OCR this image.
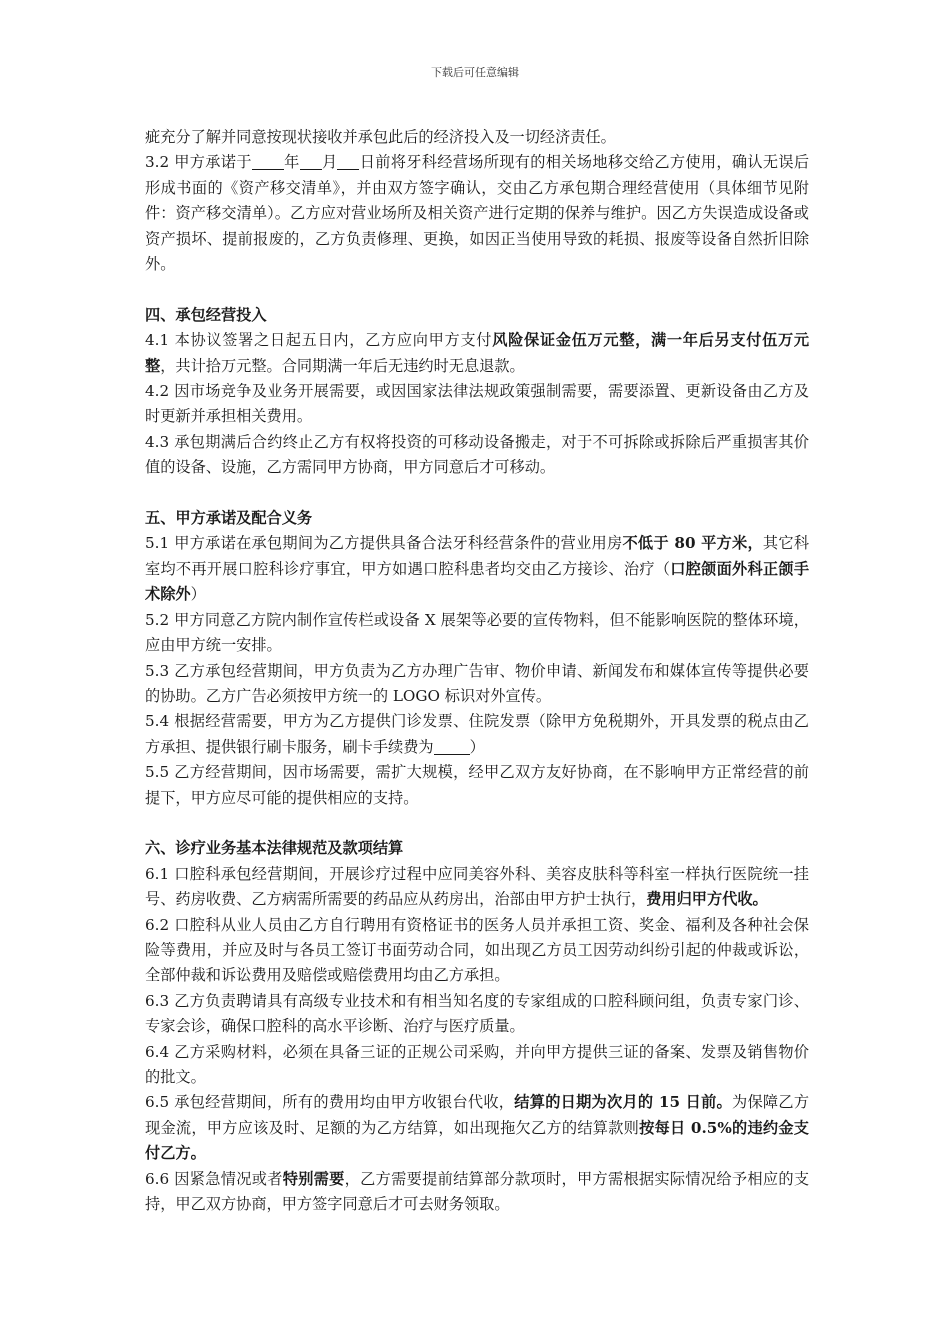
下载后可任意编辑

疵充分了解并同意按现状接收并承包此后的经济投入及一切经济责任。

3.2 甲方承诺于 年 月 日前将牙科经营场所现有的相关场地移交给乙方使用，确认无误后形成书面的《资产移交清单》，并由双方签字确认，交由乙方承包期合理经营使用（具体细节见附件：资产移交清单）。乙方应对营业场所及相关资产进行定期的保养与维护。因乙方失误造成设备或资产损坏、提前报废的，乙方负责修理、更换，如因正当使用导致的耗损、报废等设备自然折旧除外。

四、承包经营投入

4.1 本协议签署之日起五日内，乙方应向甲方支付风险保证金伍万元整，满一年后另支付伍万元整，共计拾万元整。合同期满一年后无违约时无息退款。

4.2 因市场竞争及业务开展需要，或因国家法律法规政策强制需要，需要添置、更新设备由乙方及时更新并承担相关费用。

4.3 承包期满后合约终止乙方有权将投资的可移动设备搬走，对于不可拆除或拆除后严重损害其价值的设备、设施，乙方需同甲方协商，甲方同意后才可移动。

五、甲方承诺及配合义务

5.1 甲方承诺在承包期间为乙方提供具备合法牙科经营条件的营业用房不低于 80 平方米，其它科室均不再开展口腔科诊疗事宜，甲方如遇口腔科患者均交由乙方接诊、治疗（口腔颌面外科正颌手术除外）

5.2 甲方同意乙方院内制作宣传栏或设备 X 展架等必要的宣传物料，但不能影响医院的整体环境，应由甲方统一安排。

5.3 乙方承包经营期间，甲方负责为乙方办理广告审、物价申请、新闻发布和媒体宣传等提供必要的协助。乙方广告必须按甲方统一的 LOGO 标识对外宣传。

5.4 根据经营需要，甲方为乙方提供门诊发票、住院发票（除甲方免税期外，开具发票的税点由乙方承担、提供银行刷卡服务，刷卡手续费为 ）

5.5 乙方经营期间，因市场需要，需扩大规模，经甲乙双方友好协商，在不影响甲方正常经营的前提下，甲方应尽可能的提供相应的支持。

六、诊疗业务基本法律规范及款项结算

6.1 口腔科承包经营期间，开展诊疗过程中应同美容外科、美容皮肤科等科室一样执行医院统一挂号、药房收费、乙方病需所需要的药品应从药房出，治部由甲方护士执行，费用归甲方代收。

6.2 口腔科从业人员由乙方自行聘用有资格证书的医务人员并承担工资、奖金、福利及各种社会保险等费用，并应及时与各员工签订书面劳动合同，如出现乙方员工因劳动纠纷引起的仲裁或诉讼，全部仲裁和诉讼费用及赔偿或赔偿费用均由乙方承担。

6.3 乙方负责聘请具有高级专业技术和有相当知名度的专家组成的口腔科顾问组，负责专家门诊、专家会诊，确保口腔科的高水平诊断、治疗与医疗质量。

6.4 乙方采购材料，必须在具备三证的正规公司采购，并向甲方提供三证的备案、发票及销售物价的批文。

6.5 承包经营期间，所有的费用均由甲方收银台代收，结算的日期为次月的 15 日前。为保障乙方现金流，甲方应该及时、足额的为乙方结算，如出现拖欠乙方的结算款则按每日 0.5%的违约金支付乙方。

6.6 因紧急情况或者特别需要，乙方需要提前结算部分款项时，甲方需根据实际情况给予相应的支持，甲乙双方协商，甲方签字同意后才可去财务领取。
